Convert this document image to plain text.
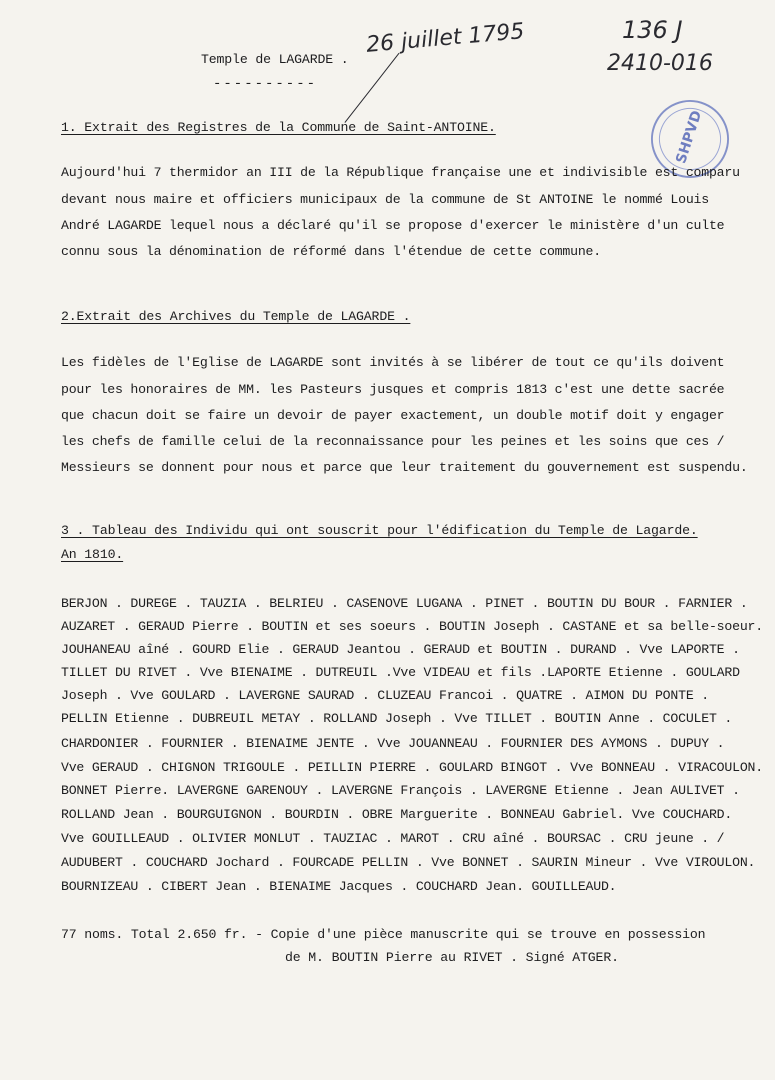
26 juillet 1795	136 J
2410-016
SHPVD
Temple de LAGARDE .
----------
1. Extrait des Registres de la Commune de Saint-ANTOINE.
Aujourd'hui 7 thermidor an III de la République française une et indivisible est comparu
devant nous maire et officiers municipaux de la commune de St ANTOINE le nommé Louis
André LAGARDE lequel nous a déclaré qu'il se propose d'exercer le ministère d'un culte
connu sous la dénomination de réformé dans l'étendue de cette commune.
2.Extrait des Archives du Temple de LAGARDE .
Les fidèles de l'Eglise de LAGARDE sont invités à se libérer de tout ce qu'ils doivent
pour les honoraires de MM. les Pasteurs jusques et compris 1813 c'est une dette sacrée
que chacun doit se faire un devoir de payer exactement, un double motif doit y engager
les chefs de famille celui de la reconnaissance pour les peines et les soins que ces /
Messieurs se donnent pour nous et parce que leur traitement du gouvernement est suspendu.
3 . Tableau des Individu qui ont souscrit pour l'édification du Temple de Lagarde.
An 1810.
BERJON . DUREGE . TAUZIA . BELRIEU . CASENOVE LUGANA . PINET . BOUTIN DU BOUR . FARNIER .
AUZARET . GERAUD Pierre . BOUTIN et ses soeurs . BOUTIN Joseph . CASTANE et sa belle-soeur.
JOUHANEAU aîné . GOURD Elie . GERAUD Jeantou . GERAUD et BOUTIN . DURAND . Vve LAPORTE .
TILLET DU RIVET . Vve BIENAIME . DUTREUIL .Vve VIDEAU et fils .LAPORTE Etienne . GOULARD
Joseph . Vve GOULARD . LAVERGNE SAURAD . CLUZEAU Francoi . QUATRE . AIMON DU PONTE .
PELLIN Etienne . DUBREUIL METAY . ROLLAND Joseph . Vve TILLET . BOUTIN Anne . COCULET .
CHARDONIER . FOURNIER . BIENAIME JENTE . Vve JOUANNEAU . FOURNIER DES AYMONS . DUPUY .
Vve GERAUD . CHIGNON TRIGOULE . PEILLIN PIERRE . GOULARD BINGOT . Vve BONNEAU . VIRACOULON.
BONNET Pierre. LAVERGNE GARENOUY . LAVERGNE François . LAVERGNE Etienne . Jean AULIVET .
ROLLAND Jean . BOURGUIGNON . BOURDIN . OBRE Marguerite . BONNEAU Gabriel. Vve COUCHARD.
Vve GOUILLEAUD . OLIVIER MONLUT . TAUZIAC . MAROT . CRU aîné . BOURSAC . CRU jeune . /
AUDUBERT . COUCHARD Jochard . FOURCADE PELLIN . Vve BONNET . SAURIN Mineur . Vve VIROULON.
BOURNIZEAU . CIBERT Jean . BIENAIME Jacques . COUCHARD Jean. GOUILLEAUD.
77 noms. Total 2.650 fr. - Copie d'une pièce manuscrite qui se trouve en possession
de M. BOUTIN Pierre au RIVET . Signé ATGER.
